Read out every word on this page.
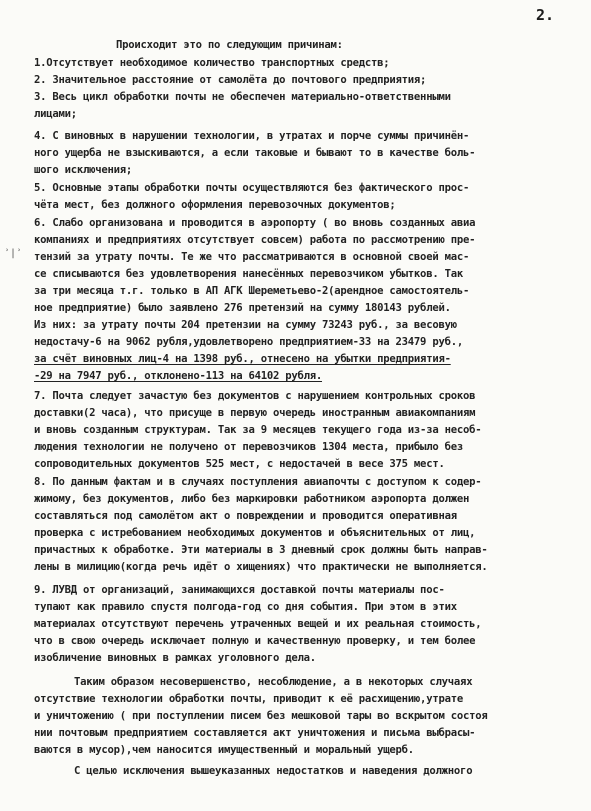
2.
ʾ|ʾ
Происходит это по следующим причинам:
1.Отсутствует необходимое количество транспортных средств;
2. Значительное расстояние от самолёта до почтового предприятия;
3. Весь цикл обработки почты не обеспечен материально-ответственными
лицами;
4. С виновных в нарушении технологии, в утратах и порче суммы причинён-
ного ущерба не взыскиваются, а если таковые и бывают то в качестве боль-
шого исключения;
5. Основные этапы обработки почты осуществляются без фактического прос-
чёта мест, без должного оформления перевозочных документов;
6. Слабо организована и проводится в аэропорту ( во вновь созданных авиа
компаниях и предприятиях отсутствует совсем) работа по рассмотрению пре-
тензий за утрату почты. Те же что рассматриваются в основной своей мас-
се списываются без удовлетворения нанесённых перевозчиком убытков. Так
за три месяца т.г. только в АП АГК Шереметьево-2(арендное самостоятель-
ное предприятие) было заявлено 276 претензий на сумму 180143 рублей.
Из них: за утрату почты 204 претензии на сумму 73243 руб., за весовую
недостачу-6 на 9062 рубля,удовлетворено предприятием-33 на 23479 руб.,
за счёт виновных лиц-4 на 1398 руб., отнесено на убытки предприятия-
-29 на 7947 руб., отклонено-113 на 64102 рубля.
7. Почта следует зачастую без документов с нарушением контрольных сроков
доставки(2 часа), что присуще в первую очередь иностранным авиакомпаниям
и вновь созданным структурам. Так за 9 месяцев текущего года из-за несоб-
людения технологии не получено от перевозчиков 1304 места, прибыло без
сопроводительных документов 525 мест, с недостачей в весе 375 мест.
8. По данным фактам и в случаях поступления авиапочты с доступом к содер-
жимому, без документов, либо без маркировки работником аэропорта должен
составляться под самолётом акт о повреждении и проводится оперативная
проверка с истребованием необходимых документов и объяснительных от лиц,
причастных к обработке. Эти материалы в 3 дневный срок должны быть направ-
лены в милицию(когда речь идёт о хищениях) что практически не выполняется.
9. ЛУВД от организаций, занимающихся доставкой почты материалы пос-
тупают как правило спустя полгода-год со дня события. При этом в этих
материалах отсутствуют перечень утраченных вещей и их реальная стоимость,
что в свою очередь исключает полную и качественную проверку, и тем более
изобличение виновных в рамках уголовного дела.
Таким образом несовершенство, несоблюдение, а в некоторых случаях
отсутствие технологии обработки почты, приводит к её расхищению,утрате
и уничтожению ( при поступлении писем без мешковой тары во вскрытом состоя
нии почтовым предприятием составляется акт уничтожения и письма выбрасы-
ваются в мусор),чем наносится имущественный и моральный ущерб.
С целью исключения вышеуказанных недостатков и наведения должного
